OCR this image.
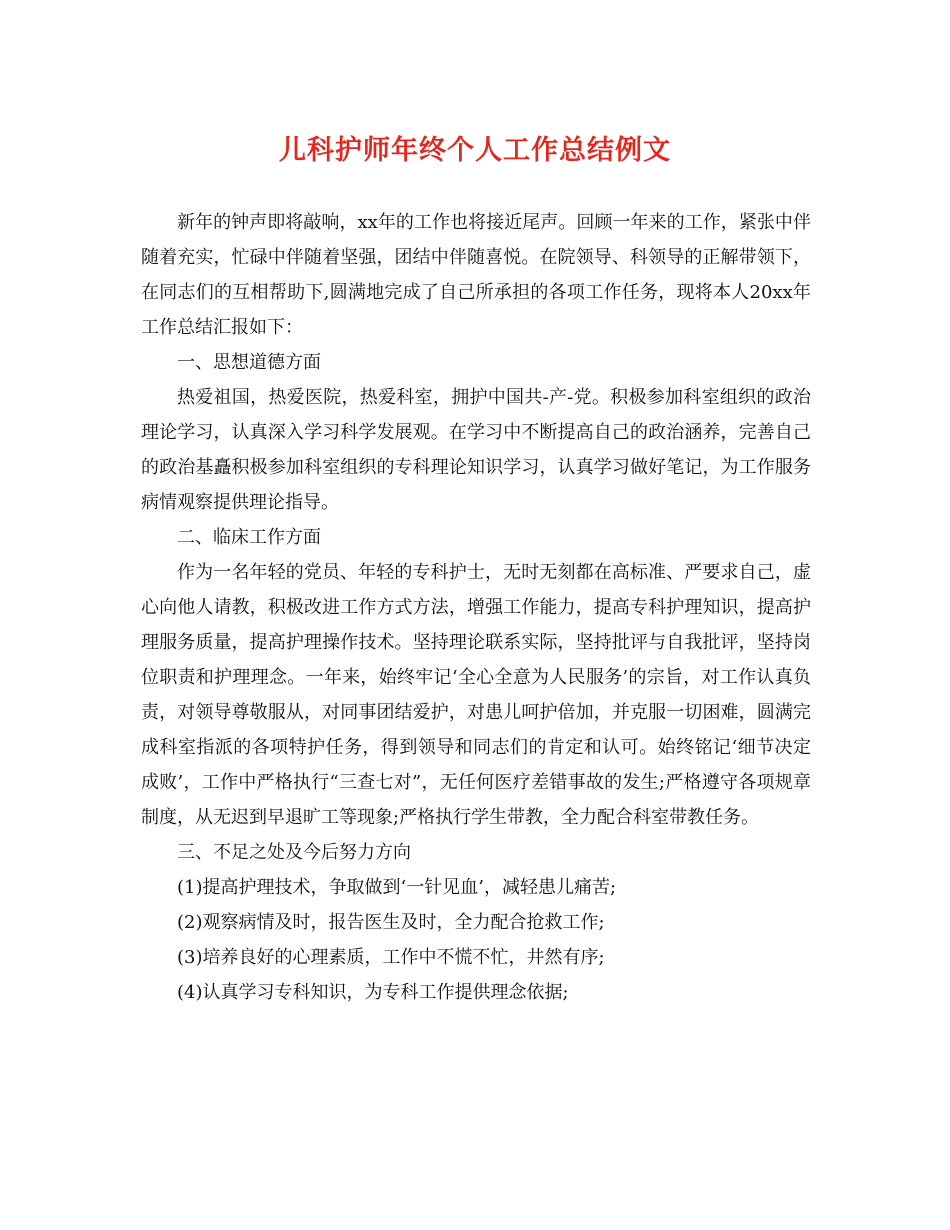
儿科护师年终个人工作总结例文

新年的钟声即将敲响，xx年的工作也将接近尾声。回顾一年来的工作，紧张中伴随着充实，忙碌中伴随着坚强，团结中伴随喜悦。在院领导、科领导的正解带领下，在同志们的互相帮助下,圆满地完成了自己所承担的各项工作任务，现将本人20xx年工作总结汇报如下：

一、思想道德方面

热爱祖国，热爱医院，热爱科室，拥护中国共-产-党。积极参加科室组织的政治理论学习，认真深入学习科学发展观。在学习中不断提高自己的政治涵养，完善自己的政治基矗积极参加科室组织的专科理论知识学习，认真学习做好笔记，为工作服务病情观察提供理论指导。

二、临床工作方面

作为一名年轻的党员、年轻的专科护士，无时无刻都在高标准、严要求自己，虚心向他人请教，积极改进工作方式方法，增强工作能力，提高专科护理知识，提高护理服务质量，提高护理操作技术。坚持理论联系实际，坚持批评与自我批评，坚持岗位职责和护理理念。一年来，始终牢记‘全心全意为人民服务’的宗旨，对工作认真负责，对领导尊敬服从，对同事团结爱护，对患儿呵护倍加，并克服一切困难，圆满完成科室指派的各项特护任务，得到领导和同志们的肯定和认可。始终铭记‘细节决定成败’，工作中严格执行“三查七对”，无任何医疗差错事故的发生;严格遵守各项规章制度，从无迟到早退旷工等现象;严格执行学生带教，全力配合科室带教任务。

三、不足之处及今后努力方向

(1)提高护理技术，争取做到‘一针见血’，减轻患儿痛苦;

(2)观察病情及时，报告医生及时，全力配合抢救工作;

(3)培养良好的心理素质，工作中不慌不忙，井然有序;

(4)认真学习专科知识，为专科工作提供理念依据;
